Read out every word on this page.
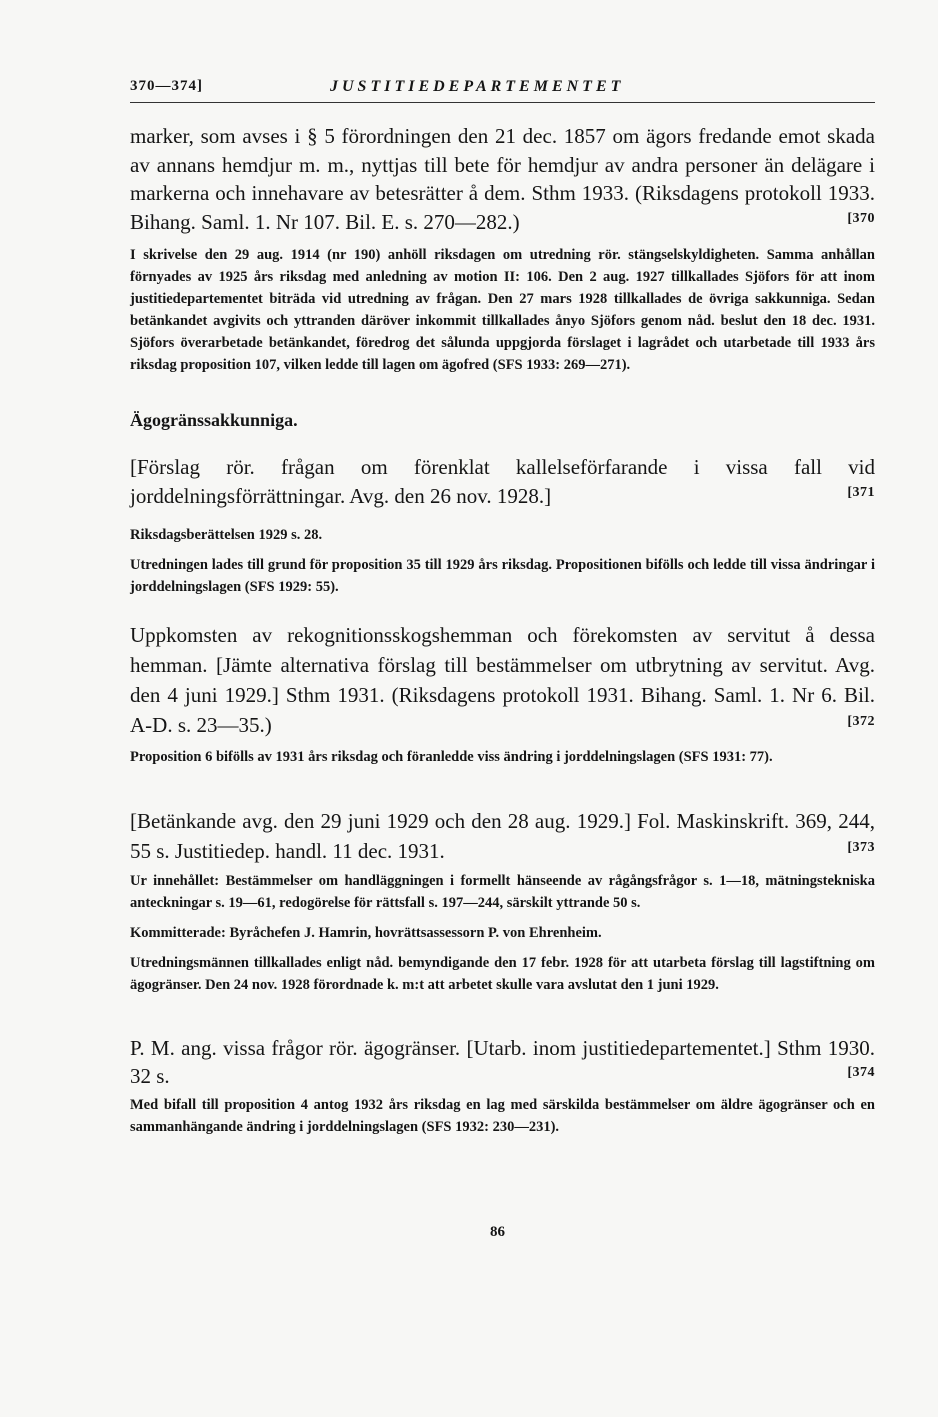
370—374]	JUSTITIEDEPARTEMENTET
marker, som avses i § 5 förordningen den 21 dec. 1857 om ägors fredande emot skada av annans hemdjur m. m., nyttjas till bete för hemdjur av andra personer än delägare i markerna och innehavare av betesrätter å dem. Sthm 1933. (Riksdagens protokoll 1933. Bihang. Saml. 1. Nr 107. Bil. E. s. 270—282.)	[370
I skrivelse den 29 aug. 1914 (nr 190) anhöll riksdagen om utredning rör. stängselskyldigheten. Samma anhållan förnyades av 1925 års riksdag med anledning av motion II: 106. Den 2 aug. 1927 tillkallades Sjöfors för att inom justitiedepartementet biträda vid utredning av frågan. Den 27 mars 1928 tillkallades de övriga sakkunniga. Sedan betänkandet avgivits och yttranden däröver inkommit tillkallades ånyo Sjöfors genom nåd. beslut den 18 dec. 1931. Sjöfors överarbetade betänkandet, föredrog det sålunda uppgjorda förslaget i lagrådet och utarbetade till 1933 års riksdag proposition 107, vilken ledde till lagen om ägofred (SFS 1933: 269—271).
Ägogränssakkunniga.
[Förslag rör. frågan om förenklat kallelseförfarande i vissa fall vid jorddelningsförrättningar. Avg. den 26 nov. 1928.]	[371
Riksdagsberättelsen 1929 s. 28.
Utredningen lades till grund för proposition 35 till 1929 års riksdag. Propositionen bifölls och ledde till vissa ändringar i jorddelningslagen (SFS 1929: 55).
Uppkomsten av rekognitionsskogshemman och förekomsten av servitut å dessa hemman. [Jämte alternativa förslag till bestämmelser om utbrytning av servitut. Avg. den 4 juni 1929.] Sthm 1931. (Riksdagens protokoll 1931. Bihang. Saml. 1. Nr 6. Bil. A-D. s. 23—35.)	[372
Proposition 6 bifölls av 1931 års riksdag och föranledde viss ändring i jorddelningslagen (SFS 1931: 77).
[Betänkande avg. den 29 juni 1929 och den 28 aug. 1929.] Fol. Maskinskrift. 369, 244, 55 s. Justitiedep. handl. 11 dec. 1931.	[373
Ur innehållet: Bestämmelser om handläggningen i formellt hänseende av rågångsfrågor s. 1—18, mätningstekniska anteckningar s. 19—61, redogörelse för rättsfall s. 197—244, särskilt yttrande 50 s.
Kommitterade: Byråchefen J. Hamrin, hovrättsassessorn P. von Ehrenheim.
Utredningsmännen tillkallades enligt nåd. bemyndigande den 17 febr. 1928 för att utarbeta förslag till lagstiftning om ägogränser. Den 24 nov. 1928 förordnade k. m:t att arbetet skulle vara avslutat den 1 juni 1929.
P. M. ang. vissa frågor rör. ägogränser. [Utarb. inom justitiedepartementet.] Sthm 1930. 32 s.	[374
Med bifall till proposition 4 antog 1932 års riksdag en lag med särskilda bestämmelser om äldre ägogränser och en sammanhängande ändring i jorddelningslagen (SFS 1932: 230—231).
86
